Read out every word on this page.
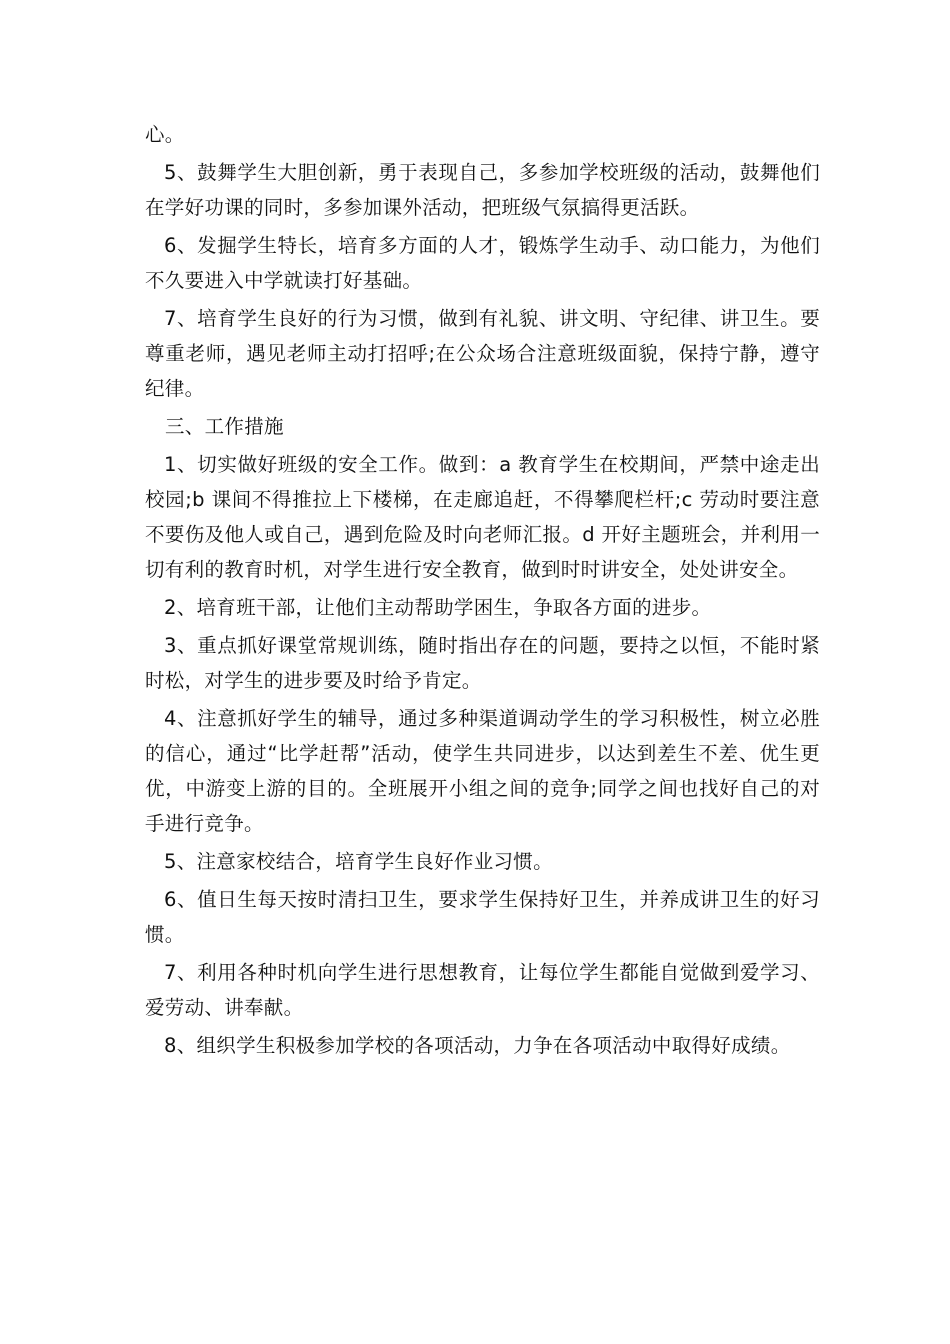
心。

5、鼓舞学生大胆创新，勇于表现自己，多参加学校班级的活动，鼓舞他们在学好功课的同时，多参加课外活动，把班级气氛搞得更活跃。

6、发掘学生特长，培育多方面的人才，锻炼学生动手、动口能力，为他们不久要进入中学就读打好基础。

7、培育学生良好的行为习惯，做到有礼貌、讲文明、守纪律、讲卫生。要尊重老师，遇见老师主动打招呼;在公众场合注意班级面貌，保持宁静，遵守纪律。

三、工作措施

1、切实做好班级的安全工作。做到：a 教育学生在校期间，严禁中途走出校园;b 课间不得推拉上下楼梯，在走廊追赶，不得攀爬栏杆;c 劳动时要注意不要伤及他人或自己，遇到危险及时向老师汇报。d 开好主题班会，并利用一切有利的教育时机，对学生进行安全教育，做到时时讲安全，处处讲安全。

2、培育班干部，让他们主动帮助学困生，争取各方面的进步。

3、重点抓好课堂常规训练，随时指出存在的问题，要持之以恒，不能时紧时松，对学生的进步要及时给予肯定。

4、注意抓好学生的辅导，通过多种渠道调动学生的学习积极性，树立必胜的信心，通过“比学赶帮”活动，使学生共同进步，以达到差生不差、优生更优，中游变上游的目的。全班展开小组之间的竞争;同学之间也找好自己的对手进行竞争。

5、注意家校结合，培育学生良好作业习惯。

6、值日生每天按时清扫卫生，要求学生保持好卫生，并养成讲卫生的好习惯。

7、利用各种时机向学生进行思想教育，让每位学生都能自觉做到爱学习、爱劳动、讲奉献。

8、组织学生积极参加学校的各项活动，力争在各项活动中取得好成绩。
